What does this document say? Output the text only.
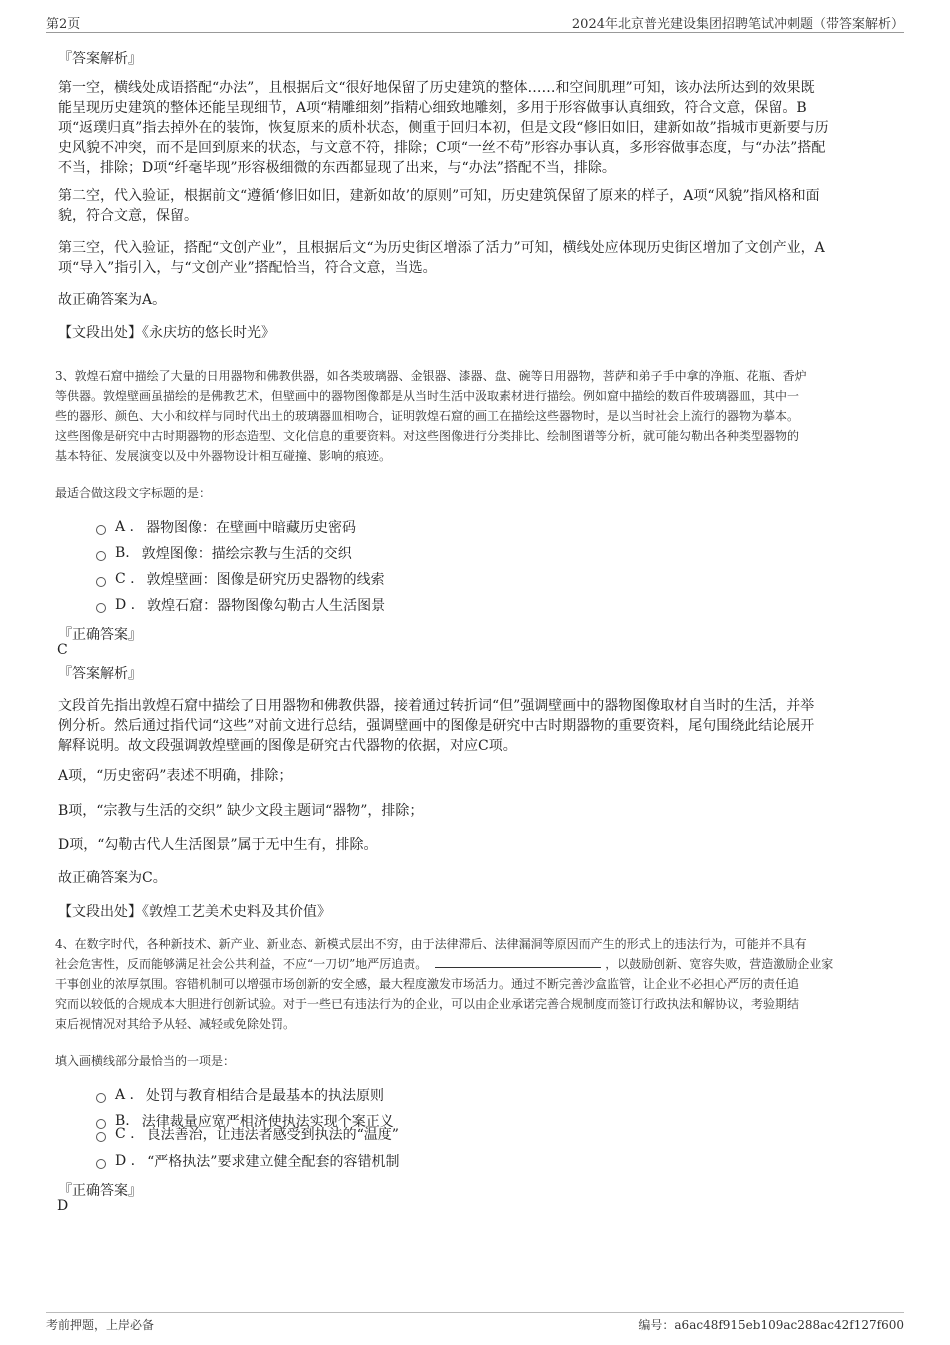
第2页	2024年北京普光建设集团招聘笔试冲刺题（带答案解析）
『答案解析』
第一空，横线处成语搭配“办法”，且根据后文“很好地保留了历史建筑的整体……和空间肌理”可知，该办法所达到的效果既
能呈现历史建筑的整体还能呈现细节，A项“精雕细刻”指精心细致地雕刻，多用于形容做事认真细致，符合文意，保留。B
项“返璞归真”指去掉外在的装饰，恢复原来的质朴状态，侧重于回归本初，但是文段“修旧如旧，建新如故”指城市更新要与历
史风貌不冲突，而不是回到原来的状态，与文意不符，排除；C项“一丝不苟”形容办事认真，多形容做事态度，与“办法”搭配
不当，排除；D项“纤毫毕现”形容极细微的东西都显现了出来，与“办法”搭配不当，排除。
第二空，代入验证，根据前文“遵循‘修旧如旧，建新如故’的原则”可知，历史建筑保留了原来的样子，A项“风貌”指风格和面
貌，符合文意，保留。
第三空，代入验证，搭配“文创产业”，且根据后文“为历史街区增添了活力”可知，横线处应体现历史街区增加了文创产业，A
项“导入”指引入，与“文创产业”搭配恰当，符合文意，当选。
故正确答案为A。
【文段出处】《永庆坊的悠长时光》
3、敦煌石窟中描绘了大量的日用器物和佛教供器，如各类玻璃器、金银器、漆器、盘、碗等日用器物，菩萨和弟子手中拿的净瓶、花瓶、香炉
等供器。敦煌壁画虽描绘的是佛教艺术，但壁画中的器物图像都是从当时生活中汲取素材进行描绘。例如窟中描绘的数百件玻璃器皿，其中一
些的器形、颜色、大小和纹样与同时代出土的玻璃器皿相吻合，证明敦煌石窟的画工在描绘这些器物时，是以当时社会上流行的器物为摹本。
这些图像是研究中古时期器物的形态造型、文化信息的重要资料。对这些图像进行分类排比、绘制图谱等分析，就可能勾勒出各种类型器物的
基本特征、发展演变以及中外器物设计相互碰撞、影响的痕迹。
最适合做这段文字标题的是：
A . 器物图像：在壁画中暗藏历史密码
B. 敦煌图像：描绘宗教与生活的交织
C . 敦煌壁画：图像是研究历史器物的线索
D . 敦煌石窟：器物图像勾勒古人生活图景
『正确答案』
C
『答案解析』
文段首先指出敦煌石窟中描绘了日用器物和佛教供器，接着通过转折词“但”强调壁画中的器物图像取材自当时的生活，并举
例分析。然后通过指代词“这些”对前文进行总结，强调壁画中的图像是研究中古时期器物的重要资料，尾句围绕此结论展开
解释说明。故文段强调敦煌壁画的图像是研究古代器物的依据，对应C项。
A项，“历史密码”表述不明确，排除；
B项，“宗教与生活的交织” 缺少文段主题词“器物”，排除；
D项，“勾勒古代人生活图景”属于无中生有，排除。
故正确答案为C。
【文段出处】《敦煌工艺美术史料及其价值》
4、在数字时代，各种新技术、新产业、新业态、新模式层出不穷，由于法律滞后、法律漏洞等原因而产生的形式上的违法行为，可能并不具有
社会危害性，反而能够满足社会公共利益，不应“一刀切”地严厉追责。	，以鼓励创新、宽容失败，营造激励企业家
干事创业的浓厚氛围。容错机制可以增强市场创新的安全感，最大程度激发市场活力。通过不断完善沙盒监管，让企业不必担心严厉的责任追
究而以较低的合规成本大胆进行创新试验。对于一些已有违法行为的企业，可以由企业承诺完善合规制度而签订行政执法和解协议，考验期结
束后视情况对其给予从轻、减轻或免除处罚。
填入画横线部分最恰当的一项是：
A . 处罚与教育相结合是最基本的执法原则
B. 法律裁量应宽严相济使执法实现个案正义
C . 良法善治，让违法者感受到执法的“温度”
D . “严格执法”要求建立健全配套的容错机制
『正确答案』
D
考前押题，上岸必备	编号：a6ac48f915eb109ac288ac42f127f600
